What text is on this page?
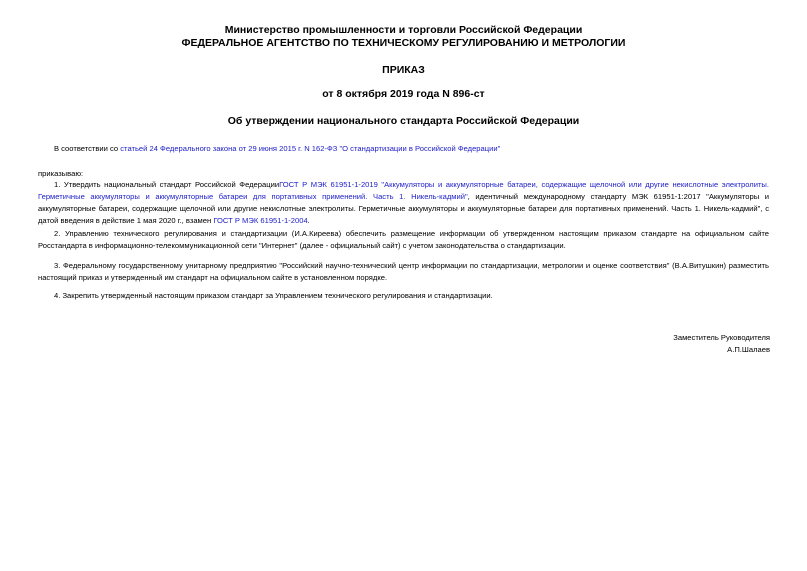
Министерство промышленности и торговли Российской Федерации
ФЕДЕРАЛЬНОЕ АГЕНТСТВО ПО ТЕХНИЧЕСКОМУ РЕГУЛИРОВАНИЮ И МЕТРОЛОГИИ
ПРИКАЗ
от 8 октября 2019 года N 896-ст
Об утверждении национального стандарта Российской Федерации
В соответствии со статьей 24 Федерального закона от 29 июня 2015 г. N 162-ФЗ "О стандартизации в Российской Федерации"
приказываю:
1. Утвердить национальный стандарт Российской ФедерацииГОСТ Р МЭК 61951-1-2019 "Аккумуляторы и аккумуляторные батареи, содержащие щелочной или другие некислотные электролиты. Герметичные аккумуляторы и аккумуляторные батареи для портативных применений. Часть 1. Никель-кадмий", идентичный международному стандарту МЭК 61951-1:2017 "Аккумуляторы и аккумуляторные батареи, содержащие щелочной или другие некислотные электролиты. Герметичные аккумуляторы и аккумуляторные батареи для портативных применений. Часть 1. Никель-кадмий", с датой введения в действие 1 мая 2020 г., взамен ГОСТ Р МЭК 61951-1-2004.
2. Управлению технического регулирования и стандартизации (И.А.Киреева) обеспечить размещение информации об утвержденном настоящим приказом стандарте на официальном сайте Росстандарта в информационно-телекоммуникационной сети "Интернет" (далее - официальный сайт) с учетом законодательства о стандартизации.
3. Федеральному государственному унитарному предприятию "Российский научно-технический центр информации по стандартизации, метрологии и оценке соответствия" (В.А.Витушкин) разместить настоящий приказ и утвержденный им стандарт на официальном сайте в установленном порядке.
4. Закрепить утвержденный настоящим приказом стандарт за Управлением технического регулирования и стандартизации.
Заместитель Руководителя
А.П.Шалаев
